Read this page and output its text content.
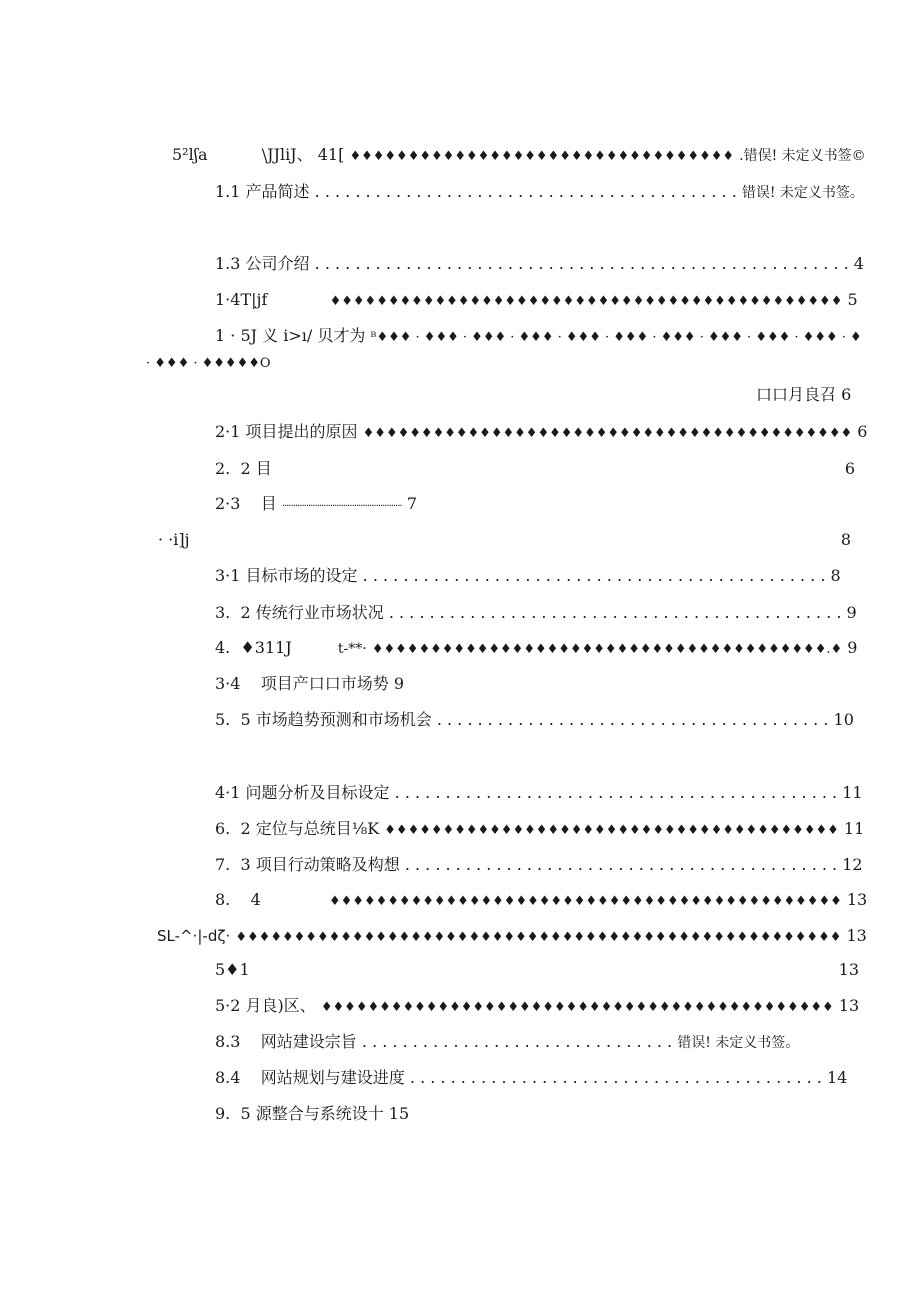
5²lʃa	\JJliJ、 41[ ♦♦♦♦♦♦♦♦♦♦♦♦♦♦♦♦♦♦♦♦♦♦♦♦♦♦♦♦♦♦♦♦♦ .错俣! 未定义书签©
1.1 产品简述 . . . . . . . . . . . . . . . . . . . . . . . . . . . . . . . . . . . . . . . . . . 错误! 未定义书签。
1.3 公司介绍 . . . . . . . . . . . . . . . . . . . . . . . . . . . . . . . . . . . . . . . . . . . . . . . . . . . . . 4
1·4T|jf	♦♦♦♦♦♦♦♦♦♦♦♦♦♦♦♦♦♦♦♦♦♦♦♦♦♦♦♦♦♦♦♦♦♦♦♦♦♦♦♦♦♦♦♦ 5
1 · 5J 义 i>ı/ 贝才为 ᴮ♦♦♦ · ♦♦♦ · ♦♦♦ · ♦♦♦ · ♦♦♦ · ♦♦♦ · ♦♦♦ · ♦♦♦ · ♦♦♦ · ♦♦♦ · ♦
· ♦♦♦ · ♦♦♦♦♦O
口口月良召 6
2·1 项目提出的原因 ♦♦♦♦♦♦♦♦♦♦♦♦♦♦♦♦♦♦♦♦♦♦♦♦♦♦♦♦♦♦♦♦♦♦♦♦♦♦♦♦♦♦ 6
2.  2 目	6
2·3    目 ······················································· 7
· ·i]j	8
3·1 目标市场的设定 . . . . . . . . . . . . . . . . . . . . . . . . . . . . . . . . . . . . . . . . . . . . . . 8
3.  2 传统行业市场状况 . . . . . . . . . . . . . . . . . . . . . . . . . . . . . . . . . . . . . . . . . . . . . 9
4.  ♦311J	t-**· ♦♦♦♦♦♦♦♦♦♦♦♦♦♦♦♦♦♦♦♦♦♦♦♦♦♦♦♦♦♦♦♦♦♦♦♦♦♦♦.♦ 9
3·4    项目产口口市场势 9
5.  5 市场趋势预测和市场机会 . . . . . . . . . . . . . . . . . . . . . . . . . . . . . . . . . . . . . . . 10
4·1 问题分析及目标设定 . . . . . . . . . . . . . . . . . . . . . . . . . . . . . . . . . . . . . . . . . . . . 11
6.  2 定位与总统目⅛K ♦♦♦♦♦♦♦♦♦♦♦♦♦♦♦♦♦♦♦♦♦♦♦♦♦♦♦♦♦♦♦♦♦♦♦♦♦♦♦ 11
7.  3 项目行动策略及构想 . . . . . . . . . . . . . . . . . . . . . . . . . . . . . . . . . . . . . . . . . . . 12
8.    4	♦♦♦♦♦♦♦♦♦♦♦♦♦♦♦♦♦♦♦♦♦♦♦♦♦♦♦♦♦♦♦♦♦♦♦♦♦♦♦♦♦♦♦♦ 13
SL-^·|-dζ· ♦♦♦♦♦♦♦♦♦♦♦♦♦♦♦♦♦♦♦♦♦♦♦♦♦♦♦♦♦♦♦♦♦♦♦♦♦♦♦♦♦♦♦♦♦♦♦♦♦♦♦♦ 13
5♦1	13
5·2 月良)区、 ♦♦♦♦♦♦♦♦♦♦♦♦♦♦♦♦♦♦♦♦♦♦♦♦♦♦♦♦♦♦♦♦♦♦♦♦♦♦♦♦♦♦♦♦ 13
8.3    网站建设宗旨 . . . . . . . . . . . . . . . . . . . . . . . . . . . . . . . 错误! 未定义书签。
8.4    网站规划与建设进度 . . . . . . . . . . . . . . . . . . . . . . . . . . . . . . . . . . . . . . . . . 14
9.  5 源整合与系统设十 15
